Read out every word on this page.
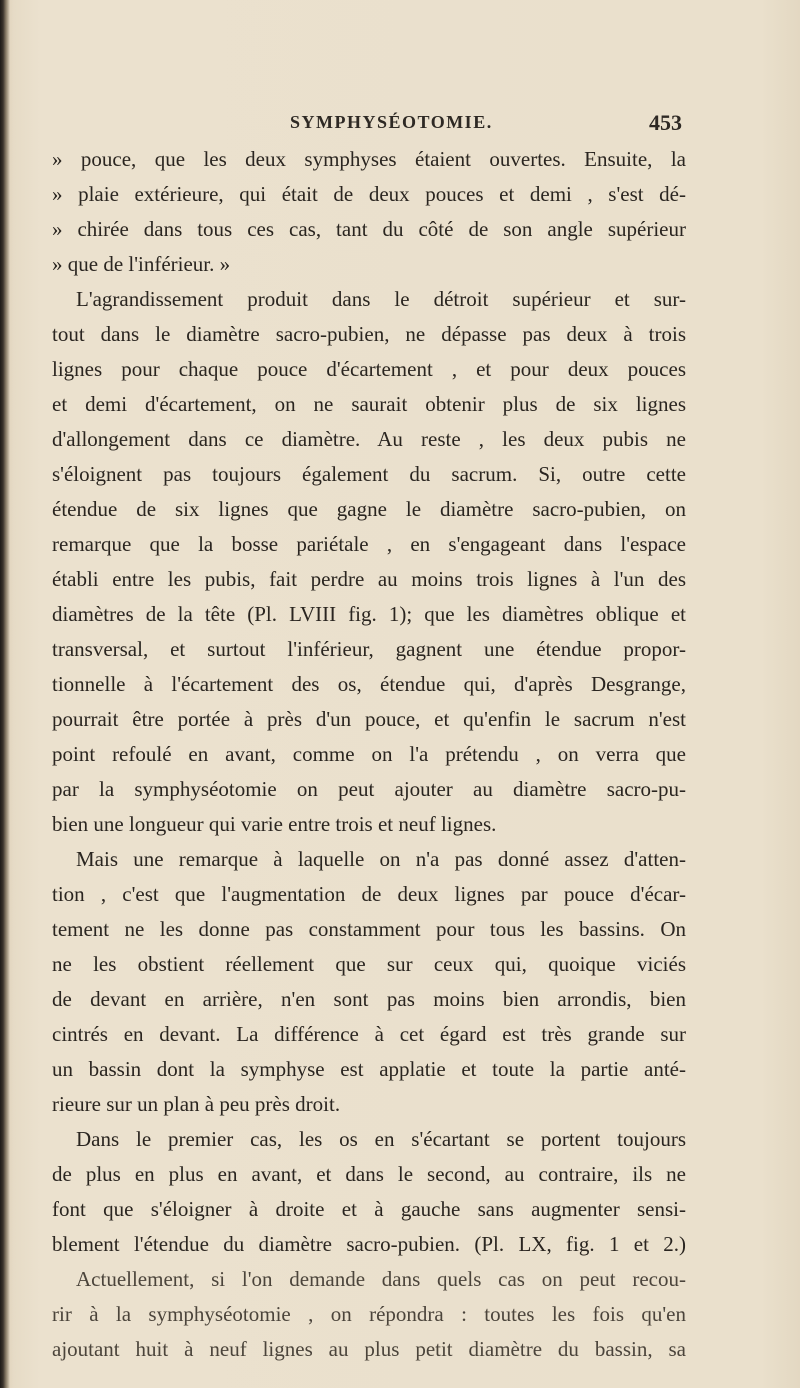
SYMPHYSÉOTOMIE.	453
» pouce, que les deux symphyses étaient ouvertes. Ensuite, la
» plaie extérieure, qui était de deux pouces et demi , s'est dé-
» chirée dans tous ces cas, tant du côté de son angle supérieur
» que de l'inférieur. »
L'agrandissement produit dans le détroit supérieur et sur-
tout dans le diamètre sacro-pubien, ne dépasse pas deux à trois
lignes pour chaque pouce d'écartement , et pour deux pouces
et demi d'écartement, on ne saurait obtenir plus de six lignes
d'allongement dans ce diamètre. Au reste , les deux pubis ne
s'éloignent pas toujours également du sacrum. Si, outre cette
étendue de six lignes que gagne le diamètre sacro-pubien, on
remarque que la bosse pariétale , en s'engageant dans l'espace
établi entre les pubis, fait perdre au moins trois lignes à l'un des
diamètres de la tête (Pl. LVIII fig. 1); que les diamètres oblique et
transversal, et surtout l'inférieur, gagnent une étendue propor-
tionnelle à l'écartement des os, étendue qui, d'après Desgrange,
pourrait être portée à près d'un pouce, et qu'enfin le sacrum n'est
point refoulé en avant, comme on l'a prétendu , on verra que
par la symphyséotomie on peut ajouter au diamètre sacro-pu-
bien une longueur qui varie entre trois et neuf lignes.
Mais une remarque à laquelle on n'a pas donné assez d'atten-
tion , c'est que l'augmentation de deux lignes par pouce d'écar-
tement ne les donne pas constamment pour tous les bassins. On
ne les obstient réellement que sur ceux qui, quoique viciés
de devant en arrière, n'en sont pas moins bien arrondis, bien
cintrés en devant. La différence à cet égard est très grande sur
un bassin dont la symphyse est applatie et toute la partie anté-
rieure sur un plan à peu près droit.
Dans le premier cas, les os en s'écartant se portent toujours
de plus en plus en avant, et dans le second, au contraire, ils ne
font que s'éloigner à droite et à gauche sans augmenter sensi-
blement l'étendue du diamètre sacro-pubien. (Pl. LX, fig. 1 et 2.)
Actuellement, si l'on demande dans quels cas on peut recou-
rir à la symphyséotomie , on répondra : toutes les fois qu'en
ajoutant huit à neuf lignes au plus petit diamètre du bassin, sa
